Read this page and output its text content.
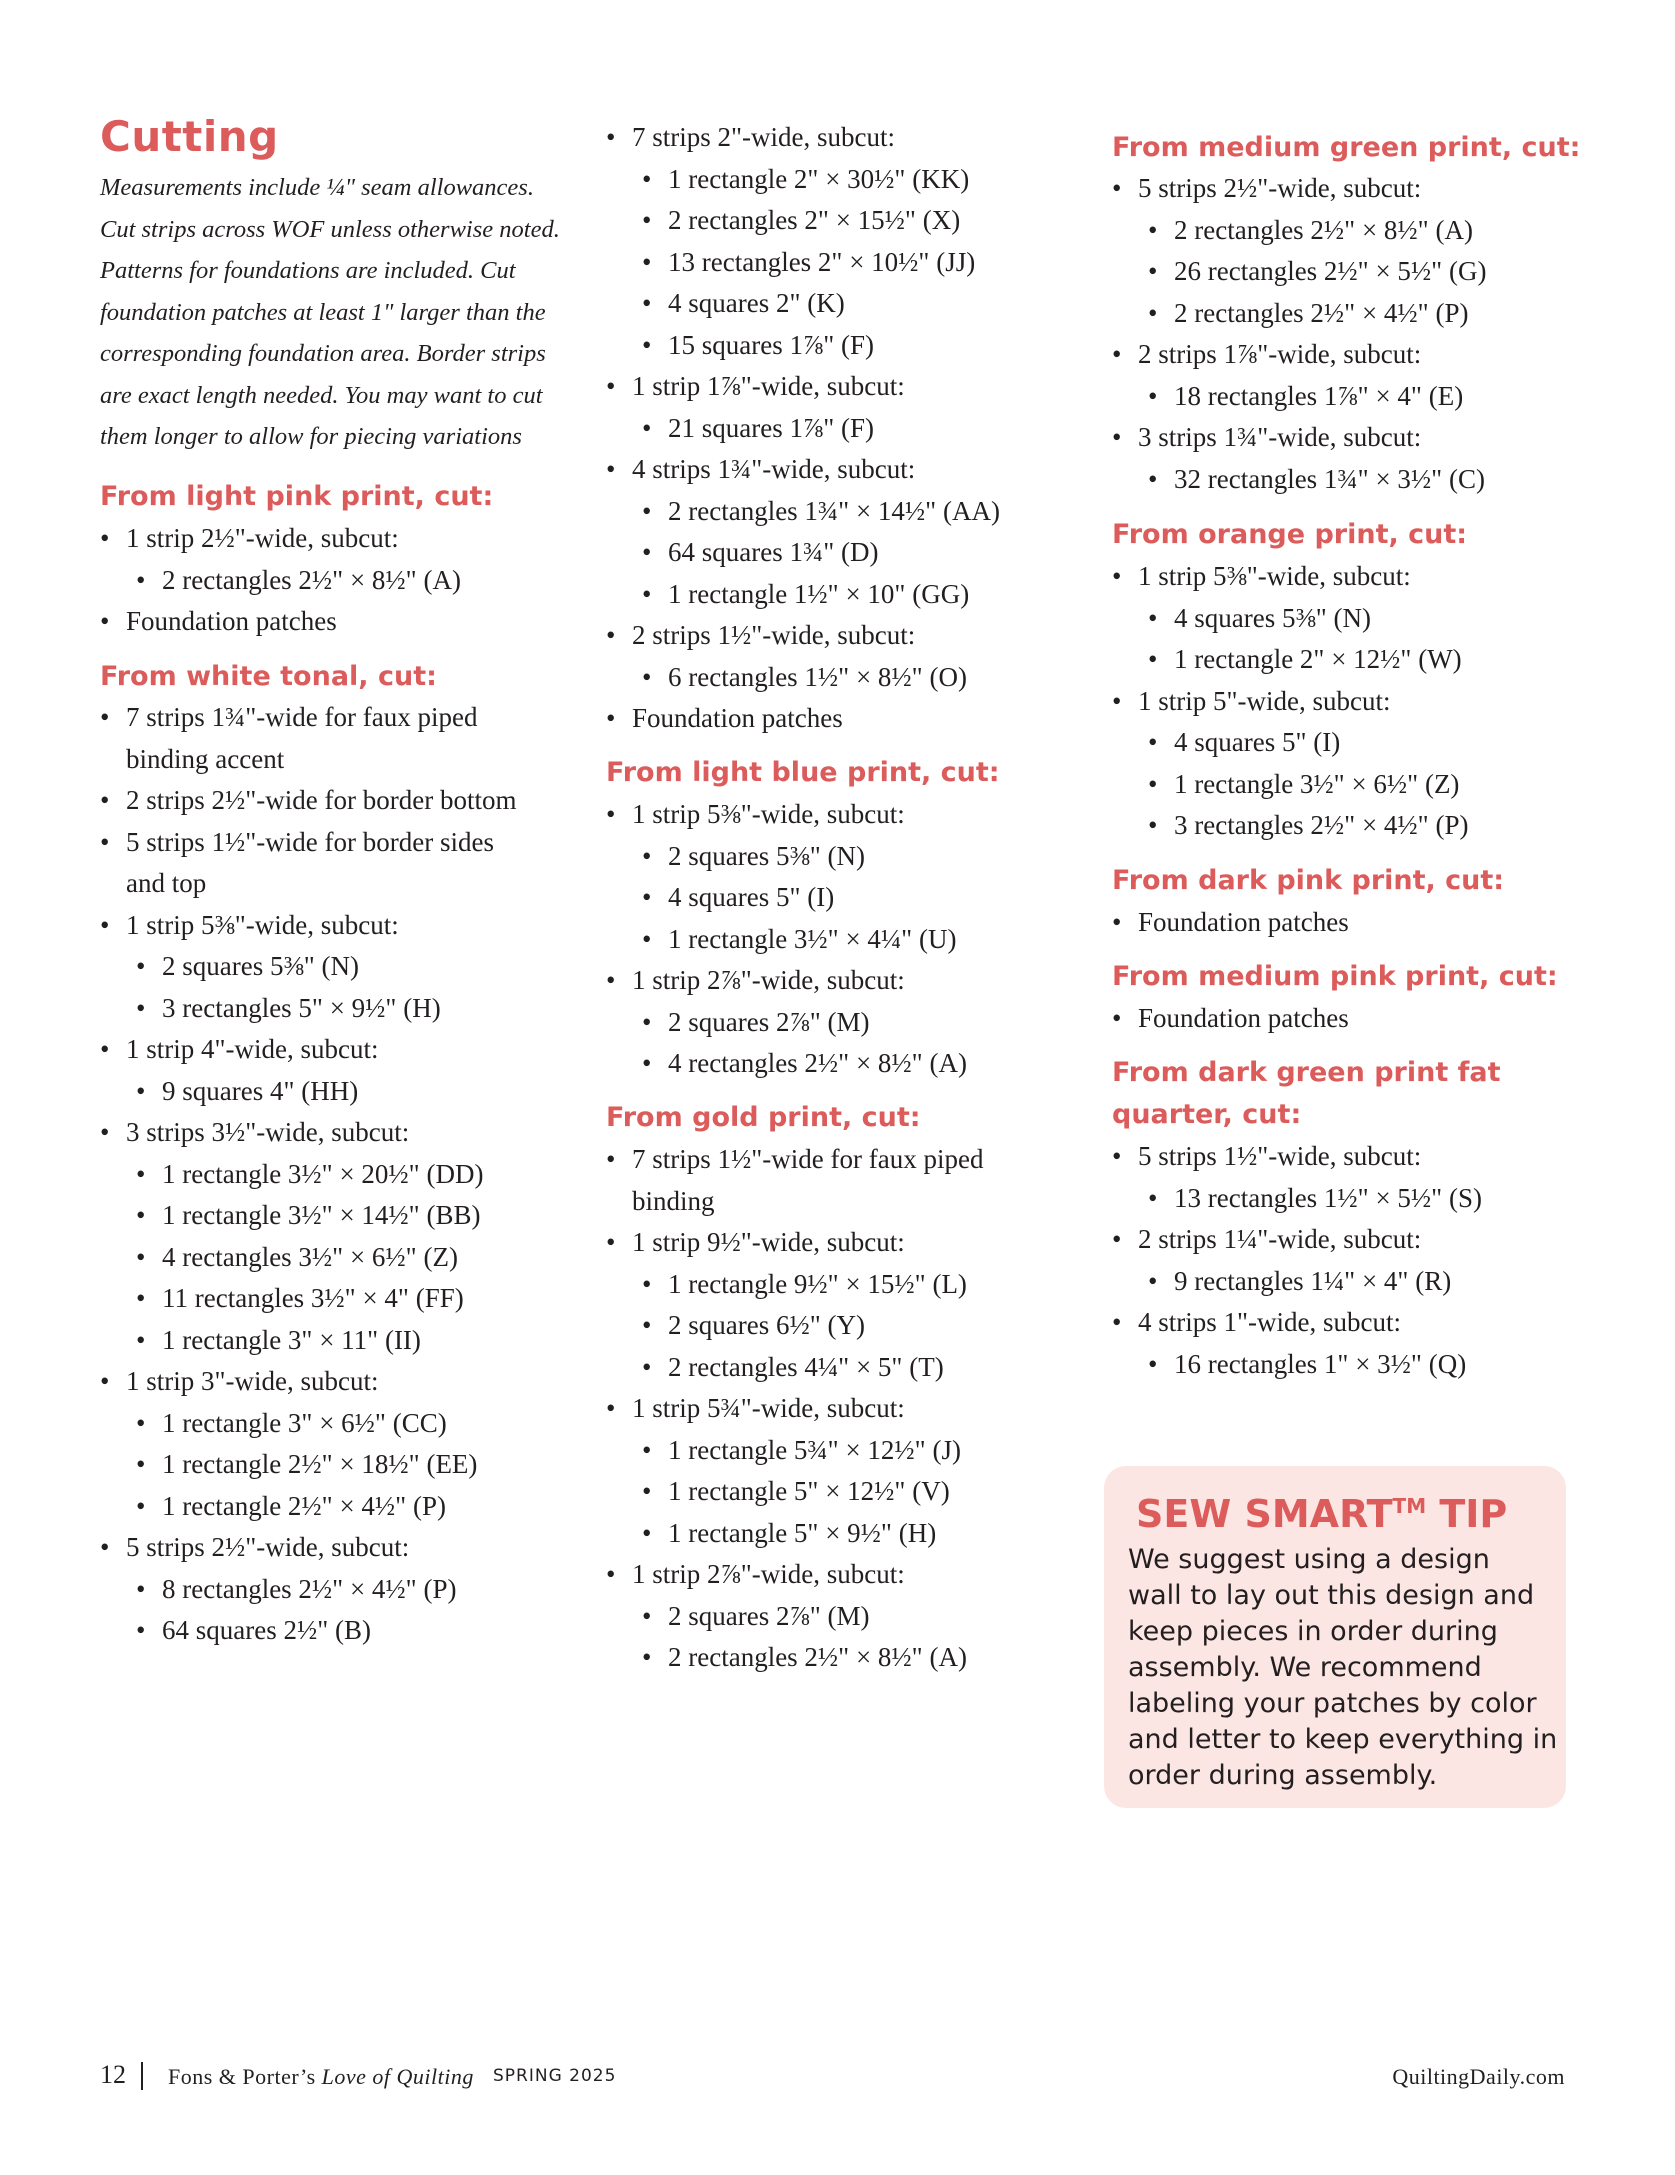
Cutting
Measurements include ¼" seam allowances.
Cut strips across WOF unless otherwise noted.
Patterns for foundations are included. Cut
foundation patches at least 1" larger than the
corresponding foundation area. Border strips
are exact length needed. You may want to cut
them longer to allow for piecing variations
From light pink print, cut:
• 1 strip 2½"-wide, subcut:
• 2 rectangles 2½" × 8½" (A)
• Foundation patches
From white tonal, cut:
• 7 strips 1¾"-wide for faux piped
binding accent
• 2 strips 2½"-wide for border bottom
• 5 strips 1½"-wide for border sides
and top
• 1 strip 5⅜"-wide, subcut:
• 2 squares 5⅜" (N)
• 3 rectangles 5" × 9½" (H)
• 1 strip 4"-wide, subcut:
• 9 squares 4" (HH)
• 3 strips 3½"-wide, subcut:
• 1 rectangle 3½" × 20½" (DD)
• 1 rectangle 3½" × 14½" (BB)
• 4 rectangles 3½" × 6½" (Z)
• 11 rectangles 3½" × 4" (FF)
• 1 rectangle 3" × 11" (II)
• 1 strip 3"-wide, subcut:
• 1 rectangle 3" × 6½" (CC)
• 1 rectangle 2½" × 18½" (EE)
• 1 rectangle 2½" × 4½" (P)
• 5 strips 2½"-wide, subcut:
• 8 rectangles 2½" × 4½" (P)
• 64 squares 2½" (B)
• 7 strips 2"-wide, subcut:
• 1 rectangle 2" × 30½" (KK)
• 2 rectangles 2" × 15½" (X)
• 13 rectangles 2" × 10½" (JJ)
• 4 squares 2" (K)
• 15 squares 1⅞" (F)
• 1 strip 1⅞"-wide, subcut:
• 21 squares 1⅞" (F)
• 4 strips 1¾"-wide, subcut:
• 2 rectangles 1¾" × 14½" (AA)
• 64 squares 1¾" (D)
• 1 rectangle 1½" × 10" (GG)
• 2 strips 1½"-wide, subcut:
• 6 rectangles 1½" × 8½" (O)
• Foundation patches
From light blue print, cut:
• 1 strip 5⅜"-wide, subcut:
• 2 squares 5⅜" (N)
• 4 squares 5" (I)
• 1 rectangle 3½" × 4¼" (U)
• 1 strip 2⅞"-wide, subcut:
• 2 squares 2⅞" (M)
• 4 rectangles 2½" × 8½" (A)
From gold print, cut:
• 7 strips 1½"-wide for faux piped
binding
• 1 strip 9½"-wide, subcut:
• 1 rectangle 9½" × 15½" (L)
• 2 squares 6½" (Y)
• 2 rectangles 4¼" × 5" (T)
• 1 strip 5¾"-wide, subcut:
• 1 rectangle 5¾" × 12½" (J)
• 1 rectangle 5" × 12½" (V)
• 1 rectangle 5" × 9½" (H)
• 1 strip 2⅞"-wide, subcut:
• 2 squares 2⅞" (M)
• 2 rectangles 2½" × 8½" (A)
From medium green print, cut:
• 5 strips 2½"-wide, subcut:
• 2 rectangles 2½" × 8½" (A)
• 26 rectangles 2½" × 5½" (G)
• 2 rectangles 2½" × 4½" (P)
• 2 strips 1⅞"-wide, subcut:
• 18 rectangles 1⅞" × 4" (E)
• 3 strips 1¾"-wide, subcut:
• 32 rectangles 1¾" × 3½" (C)
From orange print, cut:
• 1 strip 5⅜"-wide, subcut:
• 4 squares 5⅜" (N)
• 1 rectangle 2" × 12½" (W)
• 1 strip 5"-wide, subcut:
• 4 squares 5" (I)
• 1 rectangle 3½" × 6½" (Z)
• 3 rectangles 2½" × 4½" (P)
From dark pink print, cut:
• Foundation patches
From medium pink print, cut:
• Foundation patches
From dark green print fat
quarter, cut:
• 5 strips 1½"-wide, subcut:
• 13 rectangles 1½" × 5½" (S)
• 2 strips 1¼"-wide, subcut:
• 9 rectangles 1¼" × 4" (R)
• 4 strips 1"-wide, subcut:
• 16 rectangles 1" × 3½" (Q)
SEW SMART™ TIP
We suggest using a design
wall to lay out this design and
keep pieces in order during
assembly. We recommend
labeling your patches by color
and letter to keep everything in
order during assembly.
12 Fons & Porter’s Love of Quilting SPRING 2025	QuiltingDaily.com
